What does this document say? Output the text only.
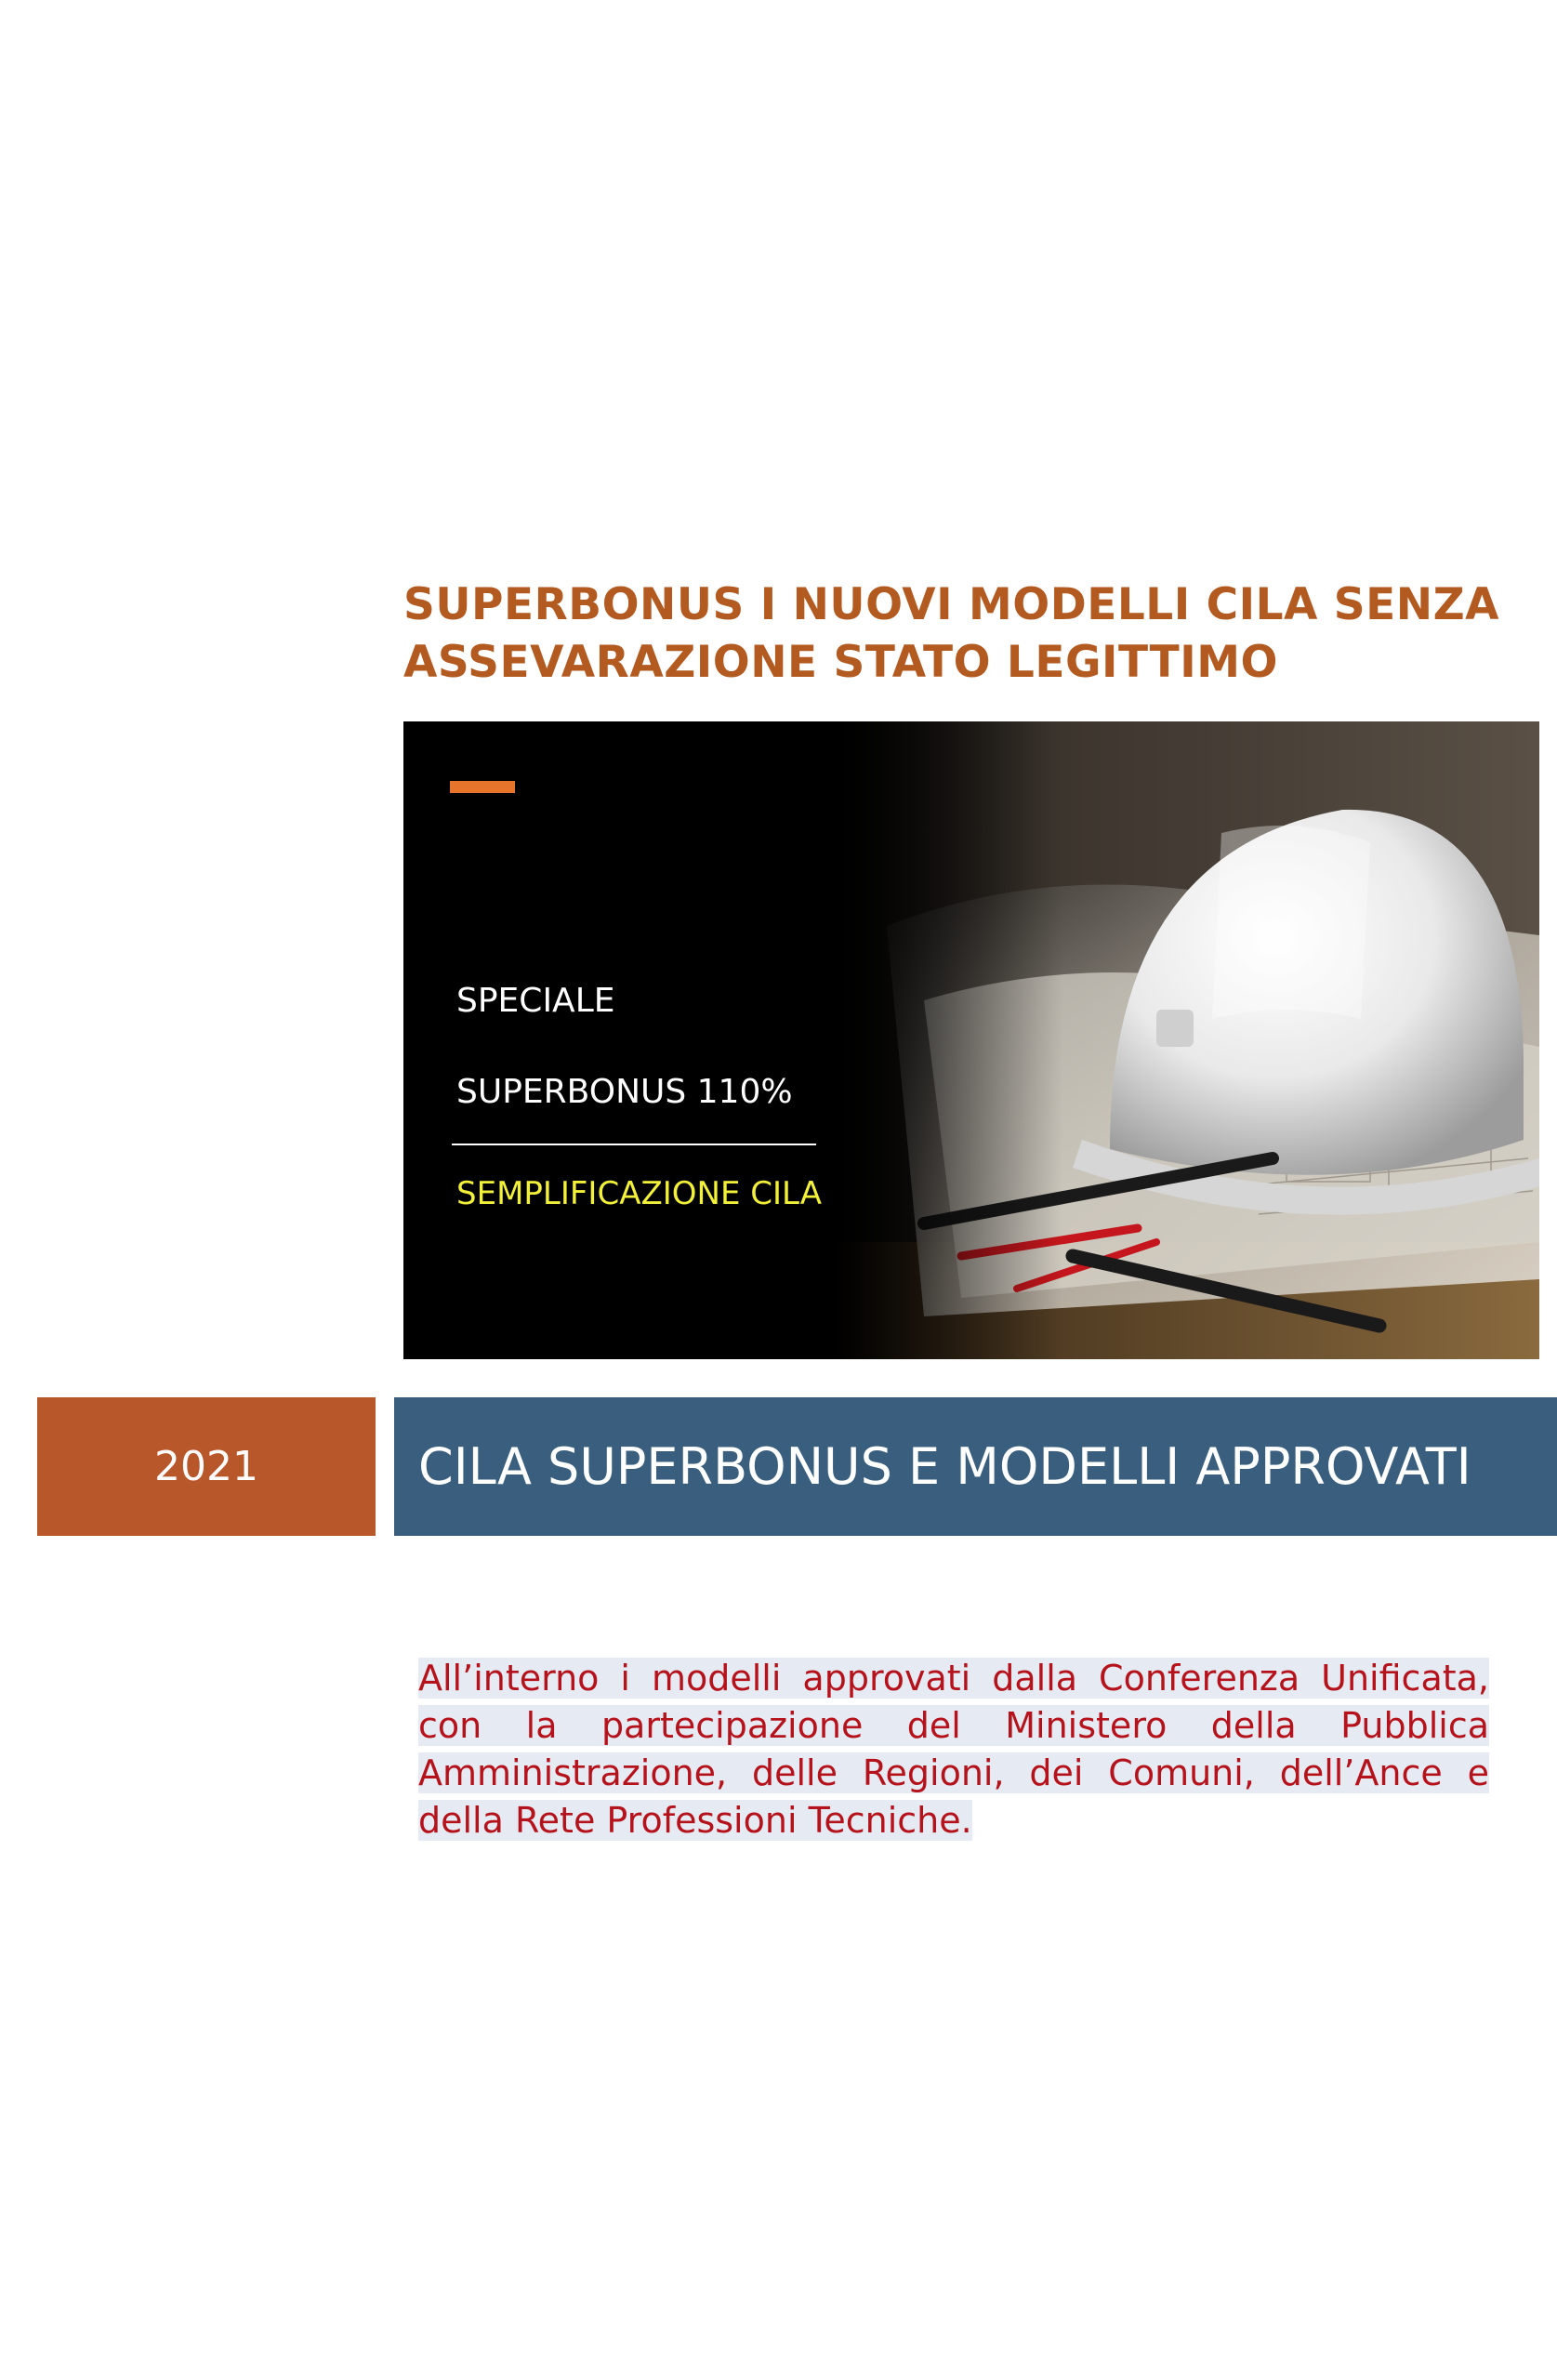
SUPERBONUS I NUOVI MODELLI CILA SENZA
ASSEVARAZIONE STATO LEGITTIMO
SPECIALE
SUPERBONUS 110%
SEMPLIFICAZIONE CILA
2021	CILA SUPERBONUS E MODELLI APPROVATI

All’interno i modelli approvati dalla Conferenza Unificata, con la partecipazione del Ministero della Pubblica Amministrazione, delle Regioni, dei Comuni, dell’Ance e della Rete Professioni Tecniche.
